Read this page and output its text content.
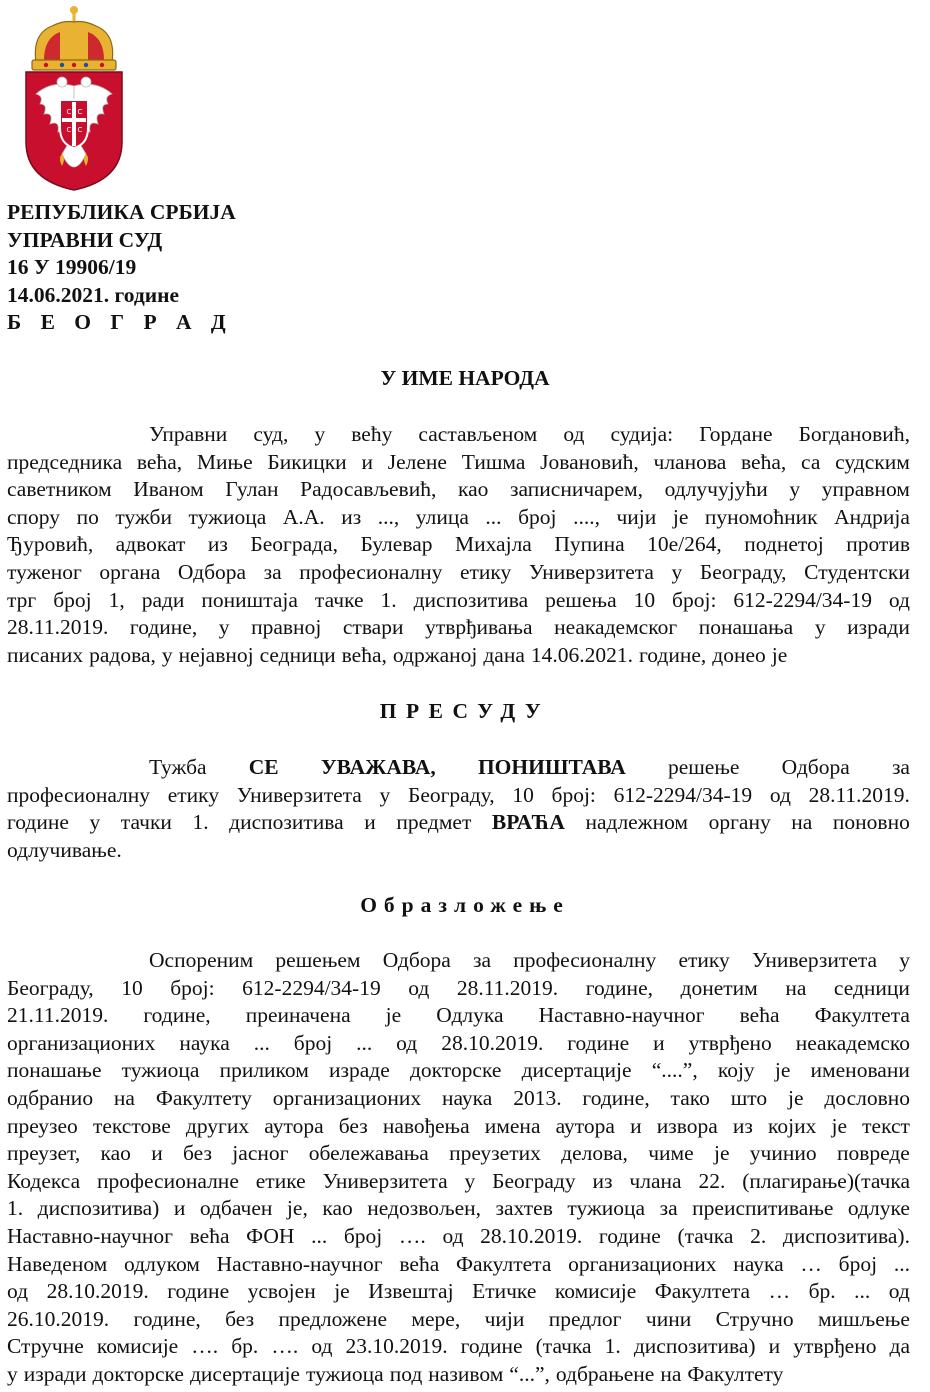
С С
С С
РЕПУБЛИКА СРБИЈА
УПРАВНИ СУД
16 У 19906/19
14.06.2021. године
Б Е О Г Р А Д
У ИМЕ НАРОДА
Управни суд, у већу састављеном од судија: Гордане Богдановић,
председника већа, Миње Бикицки и Јелене Тишма Јовановић, чланова већа, са судским
саветником Иваном Гулан Радосављевић, као записничарем, одлучујући у управном
спору по тужби тужиоца А.А. из ..., улица ... број ...., чији је пуномоћник Андрија
Ђуровић, адвокат из Београда, Булевар Михајла Пупина 10е/264, поднетој против
туженог органа Одбора за професионалну етику Универзитета у Београду, Студентски
трг број 1, ради поништаја тачке 1. диспозитива решења 10 број: 612-2294/34-19 од
28.11.2019. године, у правној ствари утврђивања неакадемског понашања у изради
писаних радова, у нејавној седници већа, одржаној дана 14.06.2021. године, донео је
ПРЕСУДУ
Тужба СЕ УВАЖАВА, ПОНИШТАВА решење Одбора за
професионалну етику Универзитета у Београду, 10 број: 612-2294/34-19 од 28.11.2019.
године у тачки 1. диспозитива и предмет ВРАЋА надлежном органу на поновно
одлучивање.
Образложење
Оспореним решењем Одбора за професионалну етику Универзитета у
Београду, 10 број: 612-2294/34-19 од 28.11.2019. године, донетим на седници
21.11.2019. године, преиначена је Одлука Наставно-научног већа Факултета
организационих наука ... број ... од 28.10.2019. године и утврђено неакадемско
понашање тужиоца приликом израде докторске дисертације “....”, коју је именовани
одбранио на Факултету организационих наука 2013. године, тако што је дословно
преузео текстове других аутора без навођења имена аутора и извора из којих је текст
преузет, као и без јасног обележавања преузетих делова, чиме је учинио повреде
Кодекса професионалне етике Универзитета у Београду из члана 22. (плагирање)(тачка
1. диспозитива) и одбачен је, као недозвољен, захтев тужиоца за преиспитивање одлуке
Наставно-научног већа ФОН ... број …. од 28.10.2019. године (тачка 2. диспозитива).
Наведеном одлуком Наставно-научног већа Факултета организационих наука … број ...
од 28.10.2019. године усвојен је Извештај Етичке комисије Факултета … бр. ... од
26.10.2019. године, без предложене мере, чији предлог чини Стручно мишљење
Стручне комисије …. бр. …. од 23.10.2019. године (тачка 1. диспозитива) и утврђено да
у изради докторске дисертације тужиоца под називом “...”, одбрањене на Факултету
